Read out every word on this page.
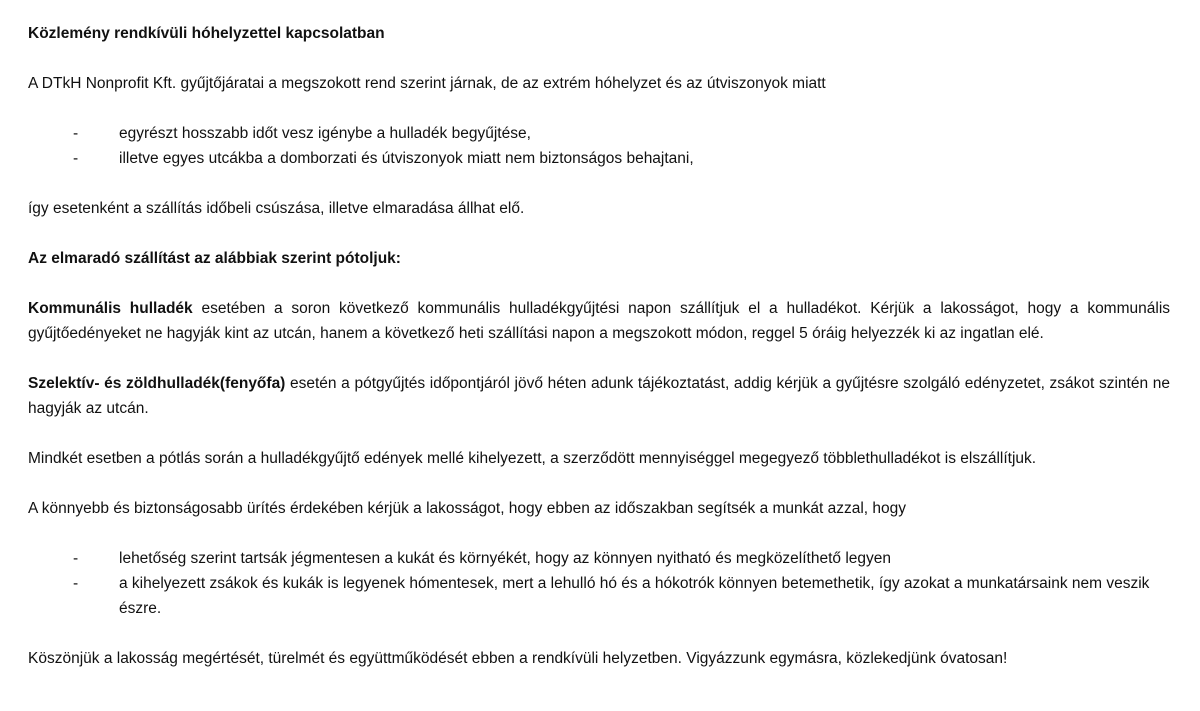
Közlemény rendkívüli hóhelyzettel kapcsolatban

A DTkH Nonprofit Kft. gyűjtőjáratai a megszokott rend szerint járnak, de az extrém hóhelyzet és az útviszonyok miatt

-	egyrészt hosszabb időt vesz igénybe a hulladék begyűjtése,
-	illetve egyes utcákba a domborzati és útviszonyok miatt nem biztonságos behajtani,

így esetenként a szállítás időbeli csúszása, illetve elmaradása állhat elő.

Az elmaradó szállítást az alábbiak szerint pótoljuk:

Kommunális hulladék esetében a soron következő kommunális hulladékgyűjtési napon szállítjuk el a hulladékot. Kérjük a lakosságot, hogy a kommunális gyűjtőedényeket ne hagyják kint az utcán, hanem a következő heti szállítási napon a megszokott módon, reggel 5 óráig helyezzék ki az ingatlan elé.

Szelektív- és zöldhulladék(fenyőfa) esetén a pótgyűjtés időpontjáról jövő héten adunk tájékoztatást, addig kérjük a gyűjtésre szolgáló edényzetet, zsákot szintén ne hagyják az utcán.

Mindkét esetben a pótlás során a hulladékgyűjtő edények mellé kihelyezett, a szerződött mennyiséggel megegyező többlethulladékot is elszállítjuk.

A könnyebb és biztonságosabb ürítés érdekében kérjük a lakosságot, hogy ebben az időszakban segítsék a munkát azzal, hogy

-	lehetőség szerint tartsák jégmentesen a kukát és környékét, hogy az könnyen nyitható és megközelíthető legyen
-	a kihelyezett zsákok és kukák is legyenek hómentesek, mert a lehulló hó és a hókotrók könnyen betemethetik, így azokat a munkatársaink nem veszik észre.

Köszönjük a lakosság megértését, türelmét és együttműködését ebben a rendkívüli helyzetben. Vigyázzunk egymásra, közlekedjünk óvatosan!
